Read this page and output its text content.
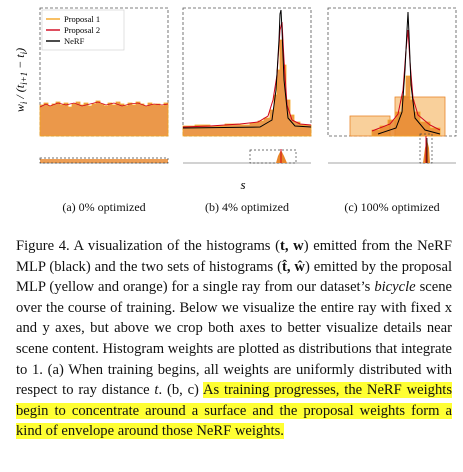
$w_i / (t_{i+1} - t_i)$
Proposal 1
Proposal 2
NeRF
s
(a) 0% optimized	(b) 4% optimized	(c) 100% optimized

Figure 4. A visualization of the histograms (t, w) emitted from the NeRF MLP (black) and the two sets of histograms (t̂, ŵ) emitted by the proposal MLP (yellow and orange) for a single ray from our dataset’s bicycle scene over the course of training. Below we visualize the entire ray with fixed x and y axes, but above we crop both axes to better visualize details near scene content. Histogram weights are plotted as distributions that integrate to 1. (a) When training begins, all weights are uniformly distributed with respect to ray distance t. (b, c) As training progresses, the NeRF weights begin to concentrate around a surface and the proposal weights form a kind of envelope around those NeRF weights.
